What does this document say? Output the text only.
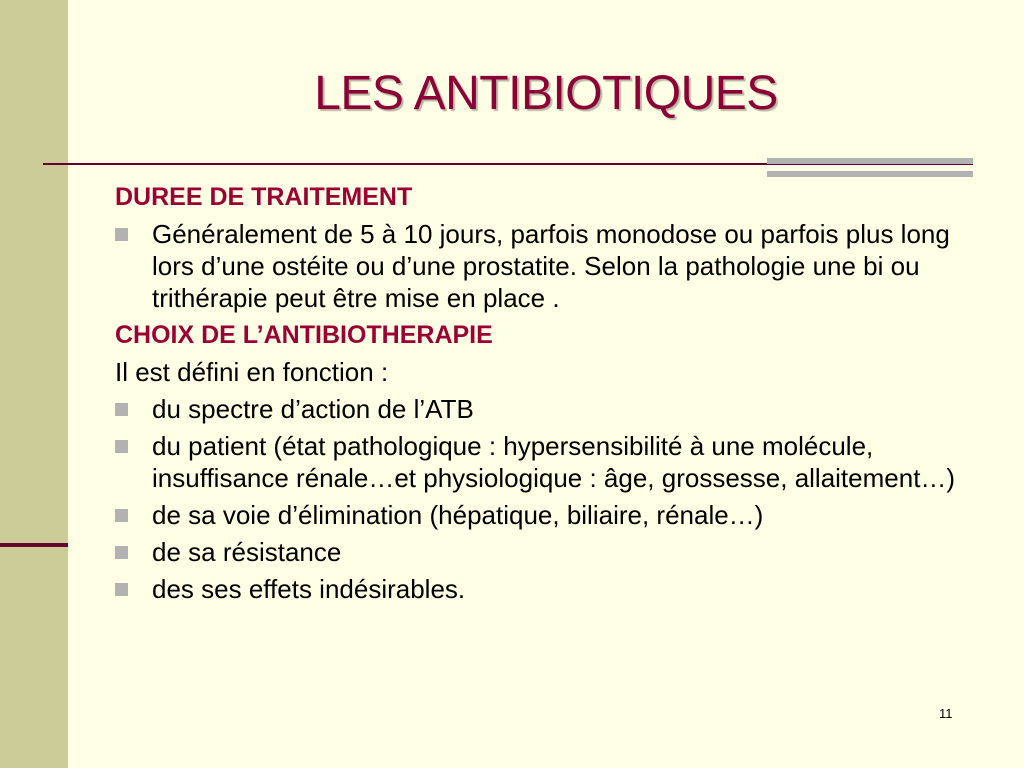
LES ANTIBIOTIQUES
DUREE DE TRAITEMENT
Généralement de 5 à 10 jours, parfois monodose ou parfois plus long lors d’une ostéite ou d’une prostatite. Selon la pathologie une bi ou trithérapie peut être mise en place .
CHOIX DE L’ANTIBIOTHERAPIE
Il est défini en fonction :
du spectre d’action de l’ATB
du patient (état pathologique : hypersensibilité à une molécule, insuffisance rénale…et physiologique : âge, grossesse, allaitement…)
de sa voie d’élimination (hépatique, biliaire, rénale…)
de sa résistance
des ses effets indésirables.
11
